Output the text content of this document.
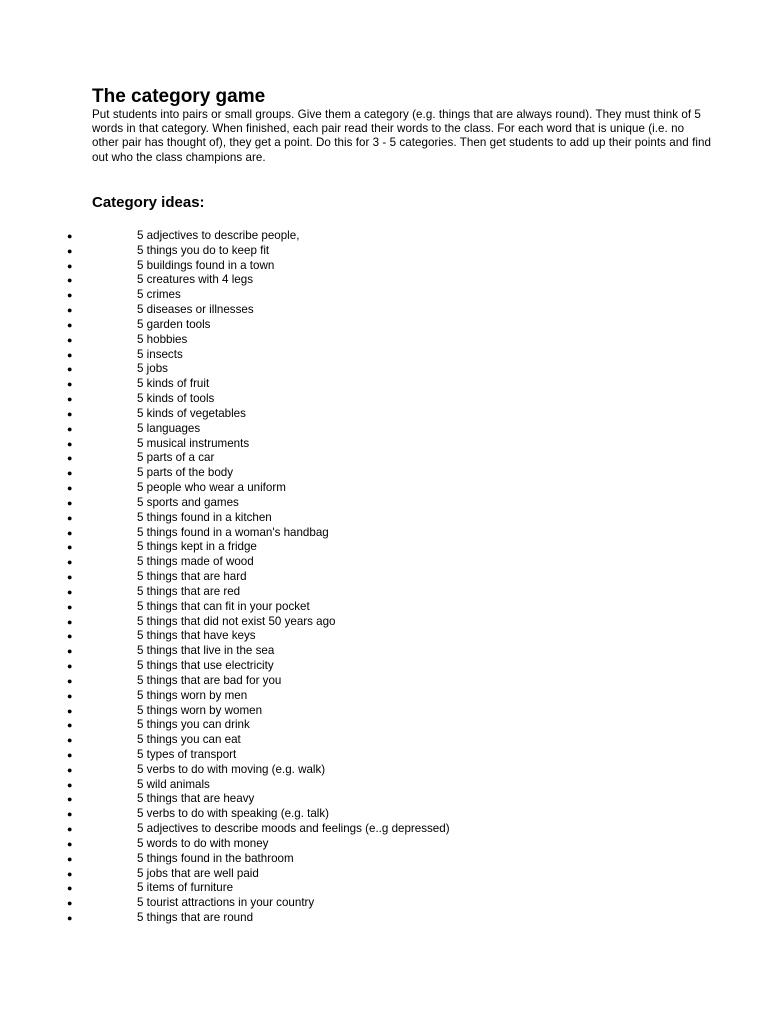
The category game

Put students into pairs or small groups. Give them a category (e.g. things that are always round). They must think of 5 words in that category. When finished, each pair read their words to the class. For each word that is unique (i.e. no other pair has thought of), they get a point. Do this for 3 - 5 categories. Then get students to add up their points and find out who the class champions are.

Category ideas:
●	5 adjectives to describe people,
●	5 things you do to keep fit
●	5 buildings found in a town
●	5 creatures with 4 legs
●	5 crimes
●	5 diseases or illnesses
●	5 garden tools
●	5 hobbies
●	5 insects
●	5 jobs
●	5 kinds of fruit
●	5 kinds of tools
●	5 kinds of vegetables
●	5 languages
●	5 musical instruments
●	5 parts of a car
●	5 parts of the body
●	5 people who wear a uniform
●	5 sports and games
●	5 things found in a kitchen
●	5 things found in a woman's handbag
●	5 things kept in a fridge
●	5 things made of wood
●	5 things that are hard
●	5 things that are red
●	5 things that can fit in your pocket
●	5 things that did not exist 50 years ago
●	5 things that have keys
●	5 things that live in the sea
●	5 things that use electricity
●	5 things that are bad for you
●	5 things worn by men
●	5 things worn by women
●	5 things you can drink
●	5 things you can eat
●	5 types of transport
●	5 verbs to do with moving (e.g. walk)
●	5 wild animals
●	5 things that are heavy
●	5 verbs to do with speaking (e.g. talk)
●	5 adjectives to describe moods and feelings (e..g depressed)
●	5 words to do with money
●	5 things found in the bathroom
●	5 jobs that are well paid
●	5 items of furniture
●	5 tourist attractions in your country
●	5 things that are round
